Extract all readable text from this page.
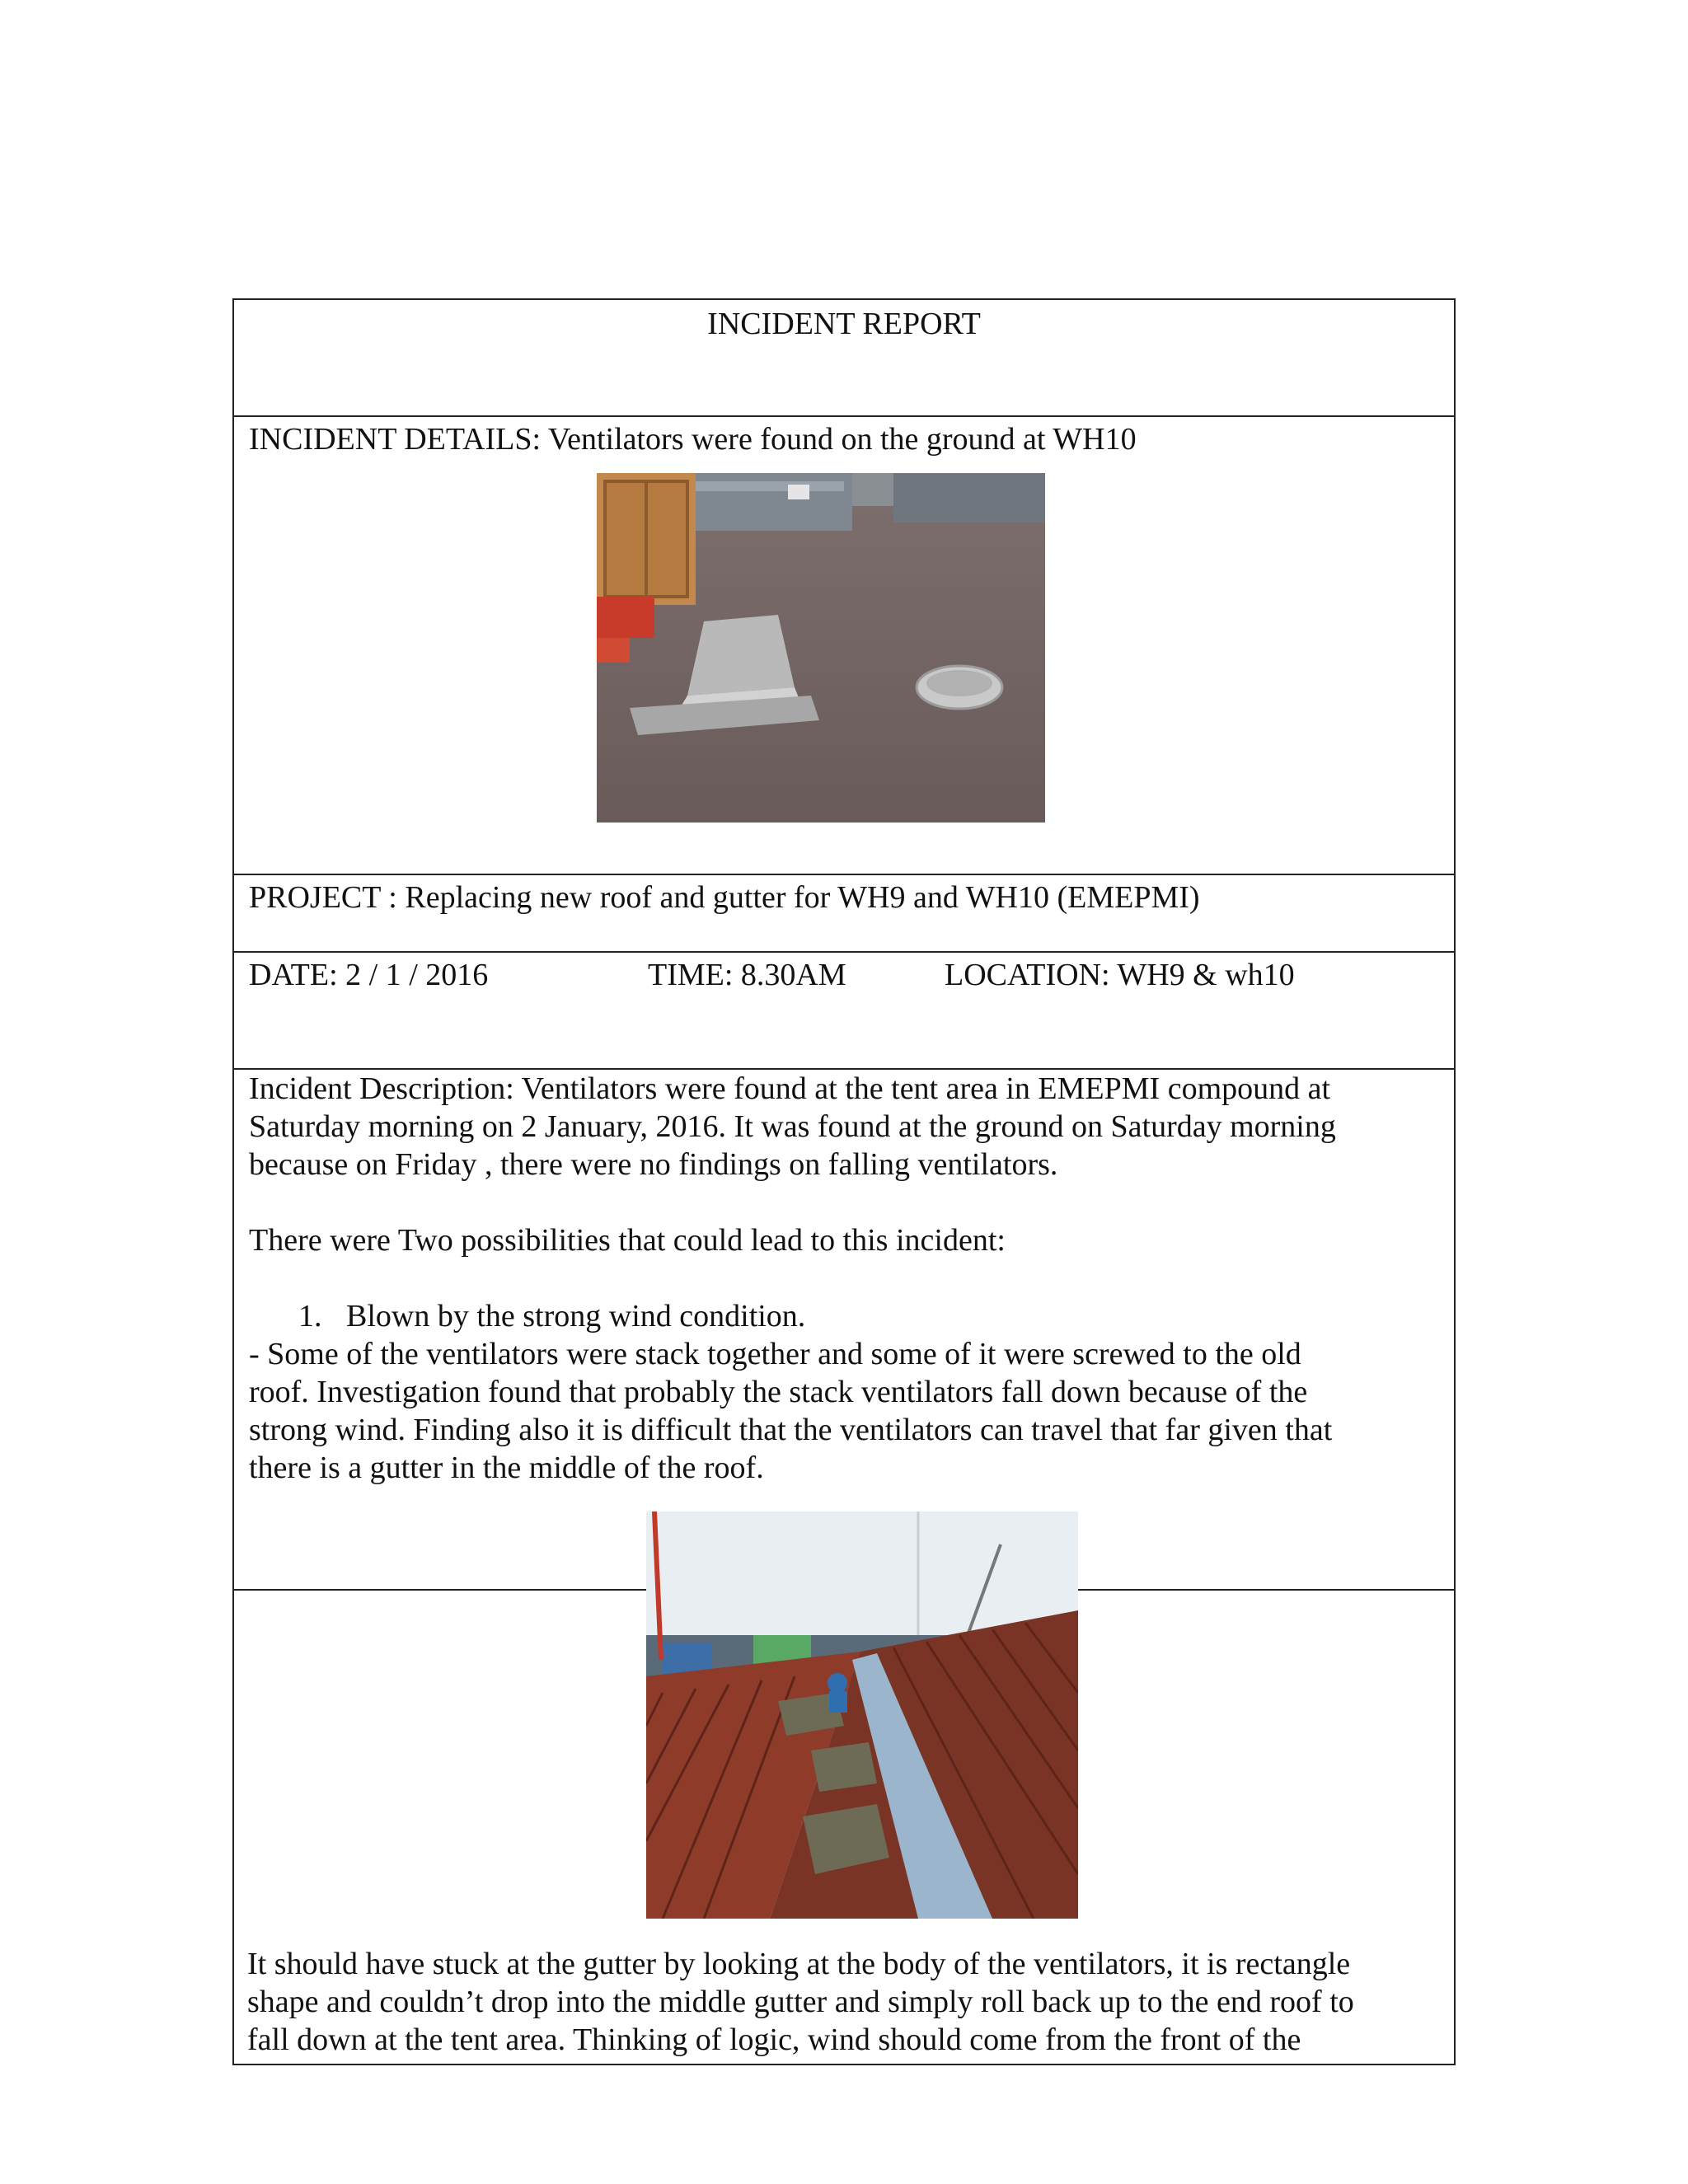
INCIDENT REPORT
INCIDENT DETAILS: Ventilators were found on the ground at WH10
PROJECT : Replacing new roof and gutter for WH9 and WH10 (EMEPMI)
DATE: 2 / 1 / 2016	TIME: 8.30AM	LOCATION: WH9 & wh10
Incident Description: Ventilators were found at the tent area in EMEPMI compound at
Saturday morning on 2 January, 2016. It was found at the ground on Saturday morning
because on Friday , there were no findings on falling ventilators.
There were Two possibilities that could lead to this incident:
1. Blown by the strong wind condition.
- Some of the ventilators were stack together and some of it were screwed to the old
roof. Investigation found that probably the stack ventilators fall down because of the
strong wind. Finding also it is difficult that the ventilators can travel that far given that
there is a gutter in the middle of the roof.
It should have stuck at the gutter by looking at the body of the ventilators, it is rectangle
shape and couldn’t drop into the middle gutter and simply roll back up to the end roof to
fall down at the tent area. Thinking of logic, wind should come from the front of the
